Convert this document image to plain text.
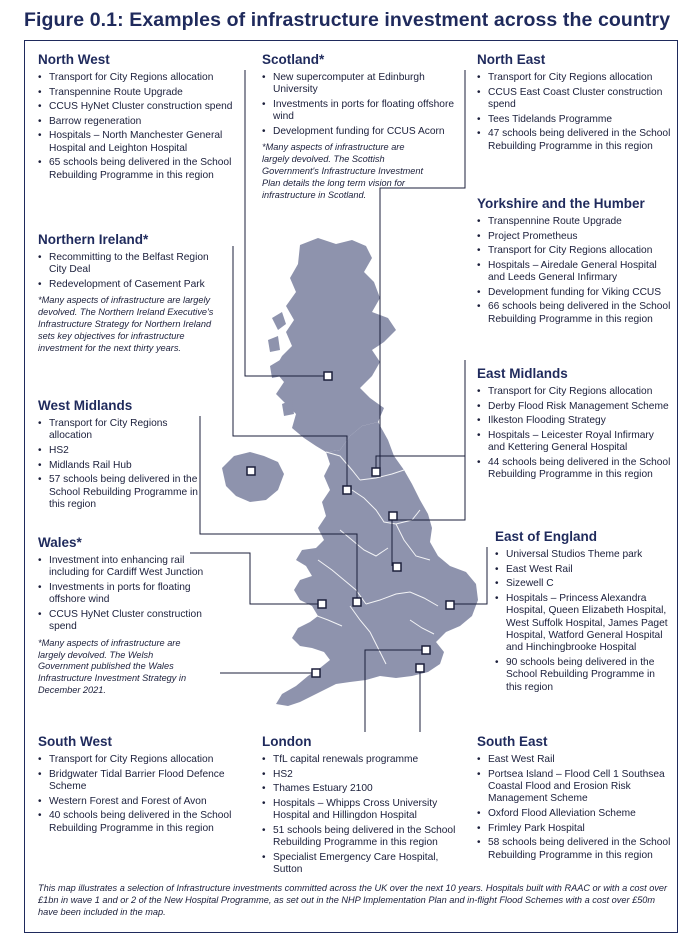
Figure 0.1: Examples of infrastructure investment across the country
North West
• Transport for City Regions allocation
• Transpennine Route Upgrade
• CCUS HyNet Cluster construction spend
• Barrow regeneration
• Hospitals – North Manchester General Hospital and Leighton Hospital
• 65 schools being delivered in the School Rebuilding Programme in this region
Scotland*
• New supercomputer at Edinburgh University
• Investments in ports for floating offshore wind
• Development funding for CCUS Acorn

*Many aspects of infrastructure are largely devolved. The Scottish Government's Infrastructure Investment Plan details the long term vision for infrastructure in Scotland.

North East
• Transport for City Regions allocation
• CCUS East Coast Cluster construction spend
• Tees Tidelands Programme
• 47 schools being delivered in the School Rebuilding Programme in this region
Northern Ireland*
• Recommitting to the Belfast Region City Deal
• Redevelopment of Casement Park

*Many aspects of infrastructure are largely devolved. The Northern Ireland Executive's Infrastructure Strategy for Northern Ireland sets key objectives for infrastructure investment for the next thirty years.

Yorkshire and the Humber
• Transpennine Route Upgrade
• Project Prometheus
• Transport for City Regions allocation
• Hospitals – Airedale General Hospital and Leeds General Infirmary
• Development funding for Viking CCUS
• 66 schools being delivered in the School Rebuilding Programme in this region
West Midlands
• Transport for City Regions allocation
• HS2
• Midlands Rail Hub
• 57 schools being delivered in the School Rebuilding Programme in this region
East Midlands
• Transport for City Regions allocation
• Derby Flood Risk Management Scheme
• Ilkeston Flooding Strategy
• Hospitals – Leicester Royal Infirmary and Kettering General Hospital
• 44 schools being delivered in the School Rebuilding Programme in this region
Wales*
• Investment into enhancing rail including for Cardiff West Junction
• Investments in ports for floating offshore wind
• CCUS HyNet Cluster construction spend

*Many aspects of infrastructure are largely devolved. The Welsh Government published the Wales Infrastructure Investment Strategy in December 2021.

East of England
• Universal Studios Theme park
• East West Rail
• Sizewell C
• Hospitals – Princess Alexandra Hospital, Queen Elizabeth Hospital, West Suffolk Hospital, James Paget Hospital, Watford General Hospital and Hinchingbrooke Hospital
• 90 schools being delivered in the School Rebuilding Programme in this region
South West
• Transport for City Regions allocation
• Bridgwater Tidal Barrier Flood Defence Scheme
• Western Forest and Forest of Avon
• 40 schools being delivered in the School Rebuilding Programme in this region
London
• TfL capital renewals programme
• HS2
• Thames Estuary 2100
• Hospitals – Whipps Cross University Hospital and Hillingdon Hospital
• 51 schools being delivered in the School Rebuilding Programme in this region
• Specialist Emergency Care Hospital, Sutton
South East
• East West Rail
• Portsea Island – Flood Cell 1 Southsea Coastal Flood and Erosion Risk Management Scheme
• Oxford Flood Alleviation Scheme
• Frimley Park Hospital
• 58 schools being delivered in the School Rebuilding Programme in this region

This map illustrates a selection of Infrastructure investments committed across the UK over the next 10 years. Hospitals built with RAAC or with a cost over £1bn in wave 1 and or 2 of the New Hospital Programme, as set out in the NHP Implementation Plan and in-flight Flood Schemes with a cost over £50m have been included in the map.
